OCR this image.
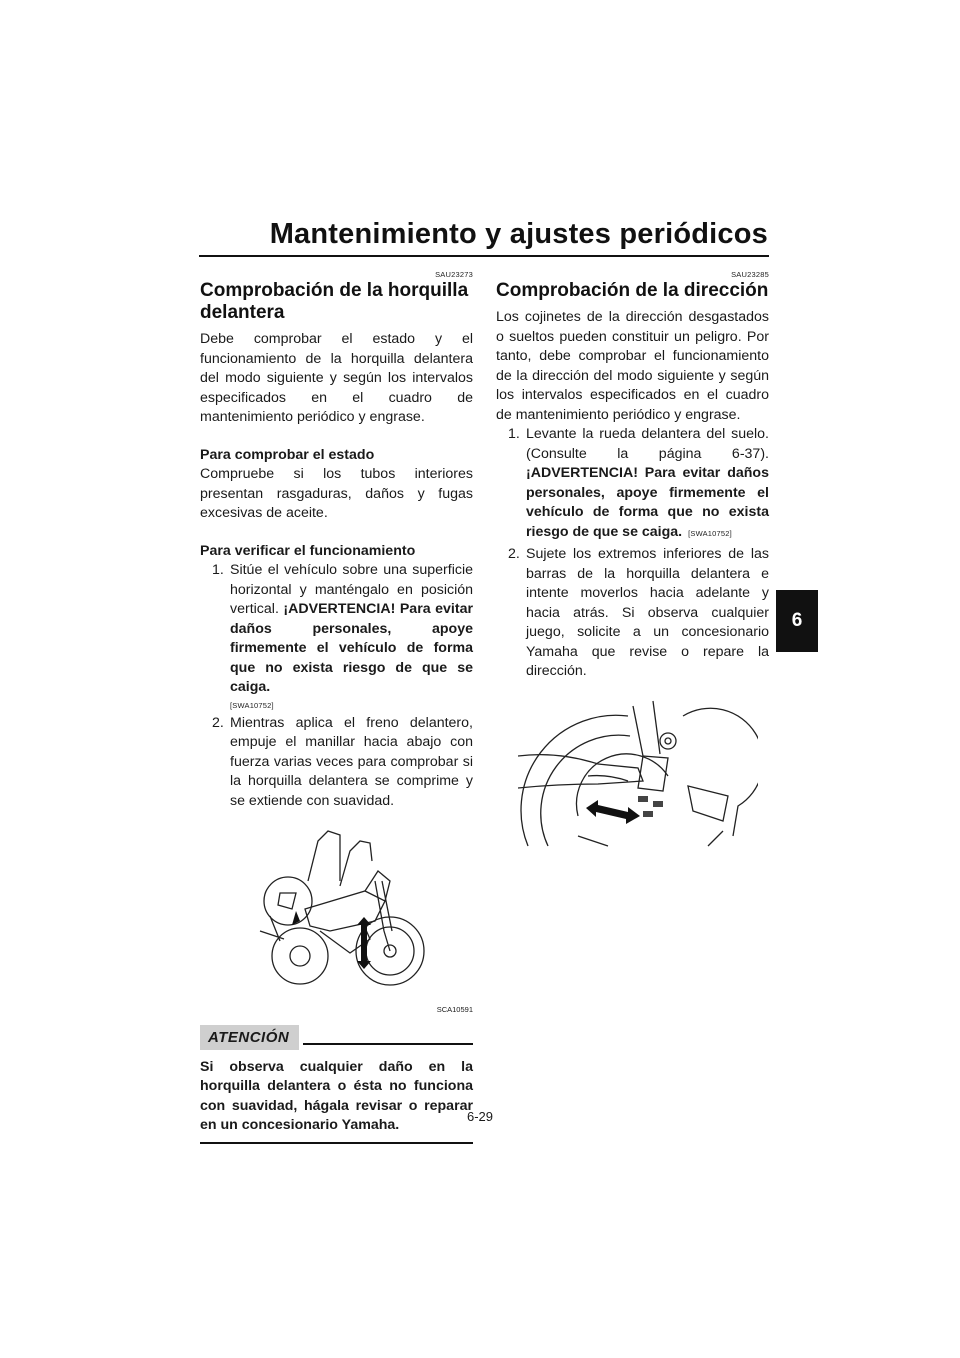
Mantenimiento y ajustes periódicos
6
SAU23273
Comprobación de la horquilla delantera

Debe comprobar el estado y el funcionamiento de la horquilla delantera del modo siguiente y según los intervalos especificados en el cuadro de mantenimiento periódico y engrase.

Para comprobar el estado

Compruebe si los tubos interiores presentan rasgaduras, daños y fugas excesivas de aceite.

Para verificar el funcionamiento
1. Sitúe el vehículo sobre una superficie horizontal y manténgalo en posición vertical. ¡ADVERTENCIA! Para evitar daños personales, apoye firmemente el vehículo de forma que no exista riesgo de que se caiga.
[SWA10752]
2. Mientras aplica el freno delantero, empuje el manillar hacia abajo con fuerza varias veces para comprobar si la horquilla delantera se comprime y se extiende con suavidad.
SCA10591
ATENCIÓN
Si observa cualquier daño en la horquilla delantera o ésta no funciona con suavidad, hágala revisar o reparar en un concesionario Yamaha.
SAU23285
Comprobación de la dirección

Los cojinetes de la dirección desgastados o sueltos pueden constituir un peligro. Por tanto, debe comprobar el funcionamiento de la dirección del modo siguiente y según los intervalos especificados en el cuadro de mantenimiento periódico y engrase.

1. Levante la rueda delantera del suelo. (Consulte la página 6-37). ¡ADVERTENCIA! Para evitar daños personales, apoye firmemente el vehículo de forma que no exista riesgo de que se caiga. [SWA10752]
2. Sujete los extremos inferiores de las barras de la horquilla delantera e intente moverlos hacia adelante y hacia atrás. Si observa cualquier juego, solicite a un concesionario Yamaha que revise o repare la dirección.
6-29
